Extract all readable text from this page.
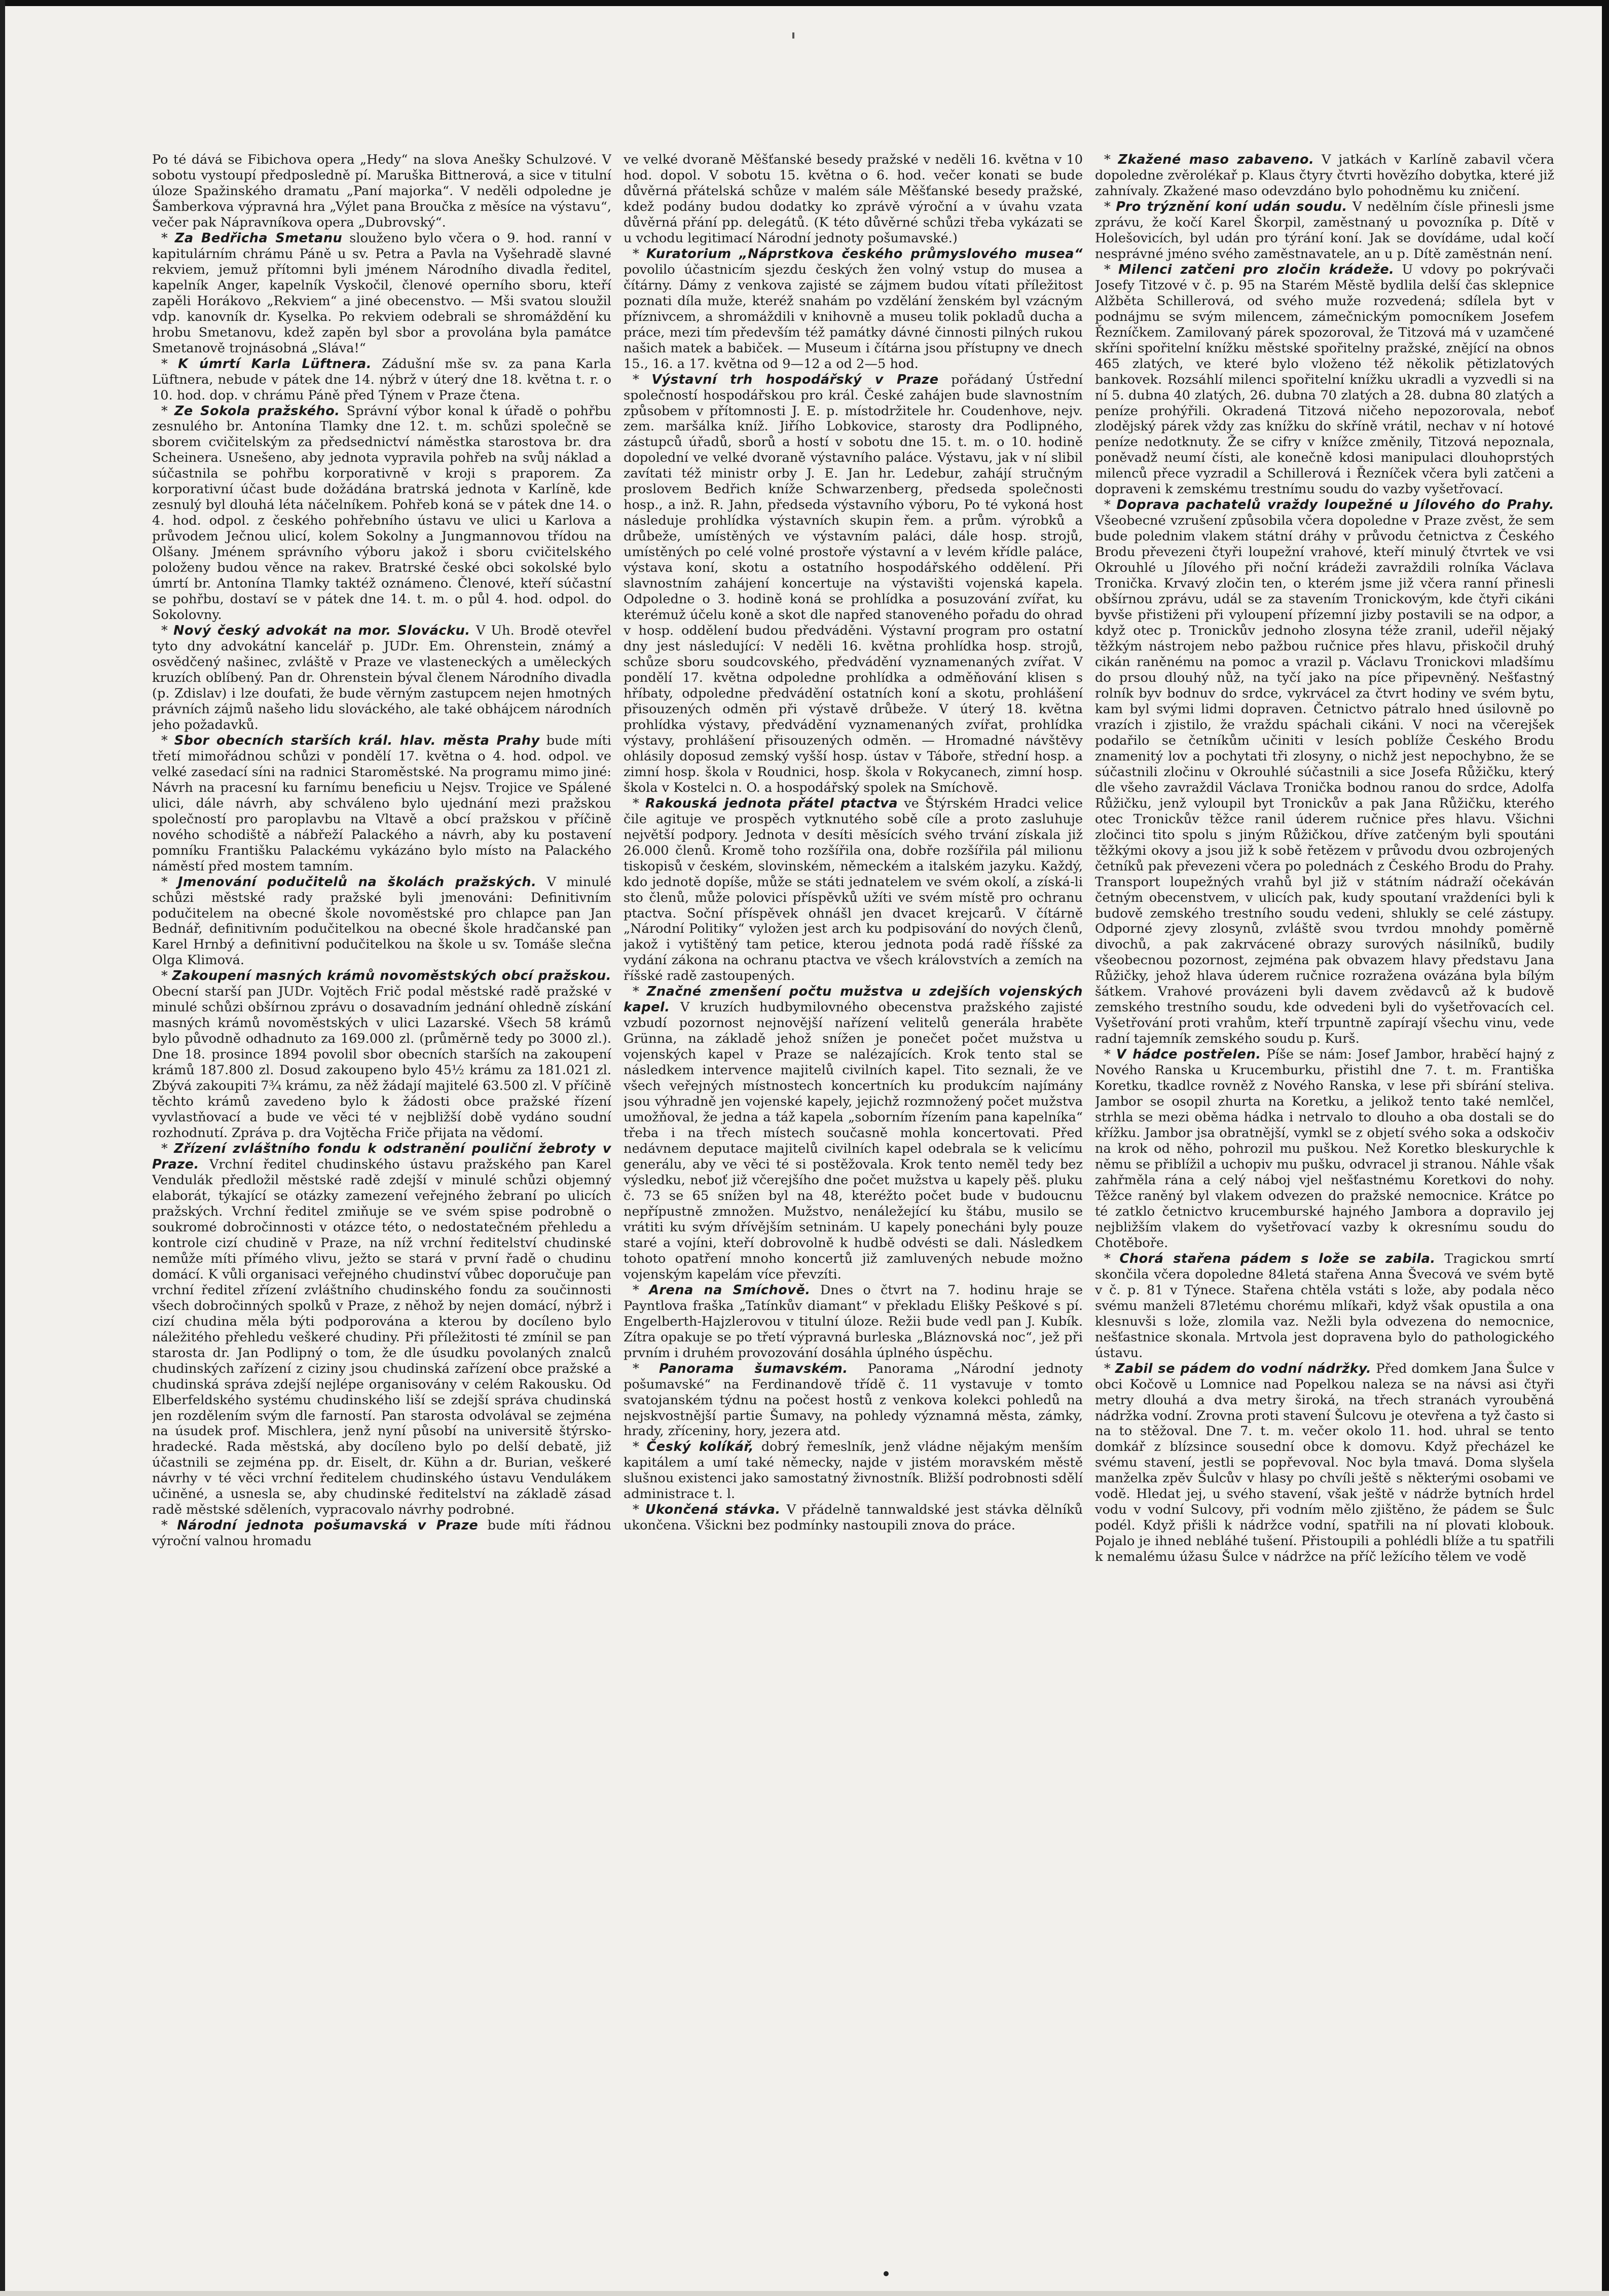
Po té dává se Fibichova opera „Hedy“ na slova Anešky Schulzové. V sobotu vystoupí předposledně pí. Maruška Bittnerová, a sice v titulní úloze Spažinského dramatu „Paní majorka“. V neděli odpoledne je Šamberkova výpravná hra „Výlet pana Broučka z měsíce na výstavu“, večer pak Nápravníkova opera „Dubrovský“.

* Za Bedřicha Smetanu slouženo bylo včera o 9. hod. ranní v kapitulárním chrámu Páně u sv. Petra a Pavla na Vyšehradě slavné rekviem, jemuž přítomni byli jménem Národního divadla ředitel, kapelník Anger, kapelník Vyskočil, členové operního sboru, kteří zapěli Horákovo „Rekviem“ a jiné obecenstvo. — Mši svatou sloužil vdp. kanovník dr. Kyselka. Po rekviem odebrali se shromáždění ku hrobu Smetanovu, kdež zapěn byl sbor a provolána byla památce Smetanově trojnásobná „Sláva!“

* K úmrtí Karla Lüftnera. Zádušní mše sv. za pana Karla Lüftnera, nebude v pátek dne 14. nýbrž v úterý dne 18. května t. r. o 10. hod. dop. v chrámu Páně před Týnem v Praze čtena.

* Ze Sokola pražského. Správní výbor konal k úřadě o pohřbu zesnulého br. Antonína Tlamky dne 12. t. m. schůzi společně se sborem cvičitelským za předsednictví náměstka starostova br. dra Scheinera. Usnešeno, aby jednota vypravila pohřeb na svůj náklad a súčastnila se pohřbu korporativně v kroji s praporem. Za korporativní účast bude dožádána bratrská jednota v Karlíně, kde zesnulý byl dlouhá léta náčelníkem. Pohřeb koná se v pátek dne 14. o 4. hod. odpol. z českého pohřebního ústavu ve ulici u Karlova a průvodem Ječnou ulicí, kolem Sokolny a Jungmannovou třídou na Olšany. Jménem správního výboru jakož i sboru cvičitelského položeny budou věnce na rakev. Bratrské české obci sokolské bylo úmrtí br. Antonína Tlamky taktéž oznámeno. Členové, kteří súčastní se pohřbu, dostaví se v pátek dne 14. t. m. o půl 4. hod. odpol. do Sokolovny.

* Nový český advokát na mor. Slovácku. V Uh. Brodě otevřel tyto dny advokátní kancelář p. JUDr. Em. Ohrenstein, známý a osvědčený našinec, zvláště v Praze ve vlasteneckých a uměleckých kruzích oblíbený. Pan dr. Ohrenstein býval členem Národního divadla (p. Zdislav) i lze doufati, že bude věrným zastupcem nejen hmotných právních zájmů našeho lidu slováckého, ale také obhájcem národních jeho požadavků.

* Sbor obecních starších král. hlav. města Prahy bude míti třetí mimořádnou schůzi v pondělí 17. května o 4. hod. odpol. ve velké zasedací síni na radnici Staroměstské. Na programu mimo jiné: Návrh na pracesní ku farnímu beneficiu u Nejsv. Trojice ve Spálené ulici, dále návrh, aby schváleno bylo ujednání mezi pražskou společností pro paroplavbu na Vltavě a obcí pražskou v příčině nového schodiště a nábřeží Palackého a návrh, aby ku postavení pomníku Františku Palackému vykázáno bylo místo na Palackého náměstí před mostem tamním.

* Jmenování podučitelů na školách pražských. V minulé schůzi městské rady pražské byli jmenováni: Definitivním podučitelem na obecné škole novoměstské pro chlapce pan Jan Bednář, definitivním podučitelkou na obecné škole hradčanské pan Karel Hrnbý a definitivní podučitelkou na škole u sv. Tomáše slečna Olga Klimová.

* Zakoupení masných krámů novoměstských obcí pražskou. Obecní starší pan JUDr. Vojtěch Frič podal městské radě pražské v minulé schůzi obšírnou zprávu o dosavadním jednání ohledně získání masných krámů novoměstských v ulici Lazarské. Všech 58 krámů bylo původně odhadnuto za 169.000 zl. (průměrně tedy po 3000 zl.). Dne 18. prosince 1894 povolil sbor obecních starších na zakoupení krámů 187.800 zl. Dosud zakoupeno bylo 45½ krámu za 181.021 zl. Zbývá zakoupiti 7¾ krámu, za něž žádají majitelé 63.500 zl. V příčině těchto krámů zavedeno bylo k žádosti obce pražské řízení vyvlastňovací a bude ve věci té v nejbližší době vydáno soudní rozhodnutí. Zpráva p. dra Vojtěcha Friče přijata na vědomí.

* Zřízení zvláštního fondu k odstranění pouliční žebroty v Praze. Vrchní ředitel chudinského ústavu pražského pan Karel Vendulák předložil městské radě zdejší v minulé schůzi objemný elaborát, týkající se otázky zamezení veřejného žebraní po ulicích pražských. Vrchní ředitel zmiňuje se ve svém spise podrobně o soukromé dobročinnosti v otázce této, o nedostatečném přehledu a kontrole cizí chudině v Praze, na níž vrchní ředitelství chudinské nemůže míti přímého vlivu, ježto se stará v první řadě o chudinu domácí. K vůli organisaci veřejného chudinství vůbec doporučuje pan vrchní ředitel zřízení zvláštního chudinského fondu za součinnosti všech dobročinných spolků v Praze, z něhož by nejen domácí, nýbrž i cizí chudina měla býti podporována a kterou by docíleno bylo náležitého přehledu veškeré chudiny. Při příležitosti té zmínil se pan starosta dr. Jan Podlipný o tom, že dle úsudku povolaných znalců chudinských zařízení z ciziny jsou chudinská zařízení obce pražské a chudinská správa zdejší nejlépe organisovány v celém Rakousku. Od Elberfeldského systému chudinského liší se zdejší správa chudinská jen rozdělením svým dle farností. Pan starosta odvolával se zejména na úsudek prof. Mischlera, jenž nyní působí na universitě štýrsko-hradecké. Rada městská, aby docíleno bylo po delší debatě, již účastnili se zejména pp. dr. Eiselt, dr. Kühn a dr. Burian, veškeré návrhy v té věci vrchní ředitelem chudinského ústavu Vendulákem učiněné, a usnesla se, aby chudinské ředitelství na základě zásad radě městské sděleních, vypracovalo návrhy podrobné.

* Národní jednota pošumavská v Praze bude míti řádnou výroční valnou hromadu

ve velké dvoraně Měšťanské besedy pražské v neděli 16. května v 10 hod. dopol. V sobotu 15. května o 6. hod. večer konati se bude důvěrná přátelská schůze v malém sále Měšťanské besedy pražské, kdež podány budou dodatky ko zprávě výroční a v úvahu vzata důvěrná přání pp. delegátů. (K této důvěrné schůzi třeba vykázati se u vchodu legitimací Národní jednoty pošumavské.)

* Kuratorium „Náprstkova českého průmyslového musea“ povolilo účastnicím sjezdu českých žen volný vstup do musea a čítárny. Dámy z venkova zajisté se zájmem budou vítati příležitost poznati díla muže, kteréž snahám po vzdělání ženském byl vzácným příznivcem, a shromáždili v knihovně a museu tolik pokladů ducha a práce, mezi tím především též památky dávné činnosti pilných rukou našich matek a babiček. — Museum i čítárna jsou přístupny ve dnech 15., 16. a 17. května od 9—12 a od 2—5 hod.

* Výstavní trh hospodářský v Praze pořádaný Ústřední společností hospodářskou pro král. České zahájen bude slavnostním způsobem v přítomnosti J. E. p. místodržitele hr. Coudenhove, nejv. zem. maršálka kníž. Jiřího Lobkovice, starosty dra Podlipného, zástupců úřadů, sborů a hostí v sobotu dne 15. t. m. o 10. hodině dopolední ve velké dvoraně výstavního paláce. Výstavu, jak v ní slibil zavítati též ministr orby J. E. Jan hr. Ledebur, zahájí stručným proslovem Bedřich kníže Schwarzenberg, předseda společnosti hosp., a inž. R. Jahn, předseda výstavního výboru, Po té vykoná host následuje prohlídka výstavních skupin řem. a prům. výrobků a drůbeže, umístěných ve výstavním paláci, dále hosp. strojů, umístěných po celé volné prostoře výstavní a v levém křídle paláce, výstava koní, skotu a ostatního hospodářského oddělení. Při slavnostním zahájení koncertuje na výstavišti vojenská kapela. Odpoledne o 3. hodině koná se prohlídka a posuzování zvířat, ku kterémuž účelu koně a skot dle napřed stanoveného pořadu do ohrad v hosp. oddělení budou předváděni. Výstavní program pro ostatní dny jest následující: V neděli 16. května prohlídka hosp. strojů, schůze sboru soudcovského, předvádění vyznamenaných zvířat. V pondělí 17. května odpoledne prohlídka a odměňování klisen s hříbaty, odpoledne předvádění ostatních koní a skotu, prohlášení přisouzených odměn při výstavě drůbeže. V úterý 18. května prohlídka výstavy, předvádění vyznamenaných zvířat, prohlídka výstavy, prohlášení přisouzených odměn. — Hromadné návštěvy ohlásily doposud zemský vyšší hosp. ústav v Táboře, střední hosp. a zimní hosp. škola v Roudnici, hosp. škola v Rokycanech, zimní hosp. škola v Kostelci n. O. a hospodářský spolek na Smíchově.

* Rakouská jednota přátel ptactva ve Štýrském Hradci velice čile agituje ve prospěch vytknutého sobě cíle a proto zasluhuje největší podpory. Jednota v desíti měsících svého trvání získala již 26.000 členů. Kromě toho rozšířila ona, dobře rozšířila pál milionu tiskopisů v českém, slovinském, německém a italském jazyku. Každý, kdo jednotě dopíše, může se státi jednatelem ve svém okolí, a získá-li sto členů, může polovici příspěvků užíti ve svém místě pro ochranu ptactva. Soční příspěvek ohnášl jen dvacet krejcarů. V čítárně „Národní Politiky“ vyložen jest arch ku podpisování do nových členů, jakož i vytištěný tam petice, kterou jednota podá radě říšské za vydání zákona na ochranu ptactva ve všech královstvích a zemích na říšské radě zastoupených.

* Značné zmenšení počtu mužstva u zdejších vojenských kapel. V kruzích hudbymilovného obecenstva pražského zajisté vzbudí pozornost nejnovější nařízení velitelů generála hraběte Grünna, na základě jehož snížen je ponečet počet mužstva u vojenských kapel v Praze se nalézajících. Krok tento stal se následkem intervence majitelů civilních kapel. Tito seznali, že ve všech veřejných místnostech koncertních ku produkcím najímány jsou výhradně jen vojenské kapely, jejichž rozmnožený počet mužstva umožňoval, že jedna a táž kapela „soborním řízením pana kapelníka“ třeba i na třech místech současně mohla koncertovati. Před nedávnem deputace majitelů civilních kapel odebrala se k velicímu generálu, aby ve věci té si postěžovala. Krok tento neměl tedy bez výsledku, neboť již včerejšího dne počet mužstva u kapely pěš. pluku č. 73 se 65 snížen byl na 48, kteréžto počet bude v budoucnu nepřípustně zmnožen. Mužstvo, nenáležející ku štábu, musilo se vrátiti ku svým dřívějším setninám. U kapely ponecháni byly pouze staré a vojíni, kteří dobrovolně k hudbě odvésti se dali. Následkem tohoto opatření mnoho koncertů již zamluvených nebude možno vojenským kapelám více převzíti.

* Arena na Smíchově. Dnes o čtvrt na 7. hodinu hraje se Payntlova fraška „Tatínkův diamant“ v překladu Elišky Peškové s pí. Engelberth-Hajzlerovou v titulní úloze. Režii bude vedl pan J. Kubík. Zítra opakuje se po třetí výpravná burleska „Bláznovská noc“, jež při prvním i druhém provozování dosáhla úplného úspěchu.

* Panorama šumavském. Panorama „Národní jednoty pošumavské“ na Ferdinandově třídě č. 11 vystavuje v tomto svatojanském týdnu na počest hostů z venkova kolekci pohledů na nejskvostnější partie Šumavy, na pohledy významná města, zámky, hrady, zříceniny, hory, jezera atd.

* Český kolíkář, dobrý řemeslník, jenž vládne nějakým menším kapitálem a umí také německy, najde v jistém moravském městě slušnou existenci jako samostatný živnostník. Bližší podrobnosti sdělí administrace t. l.

* Ukončená stávka. V přádelně tannwaldské jest stávka dělníků ukončena. Všickni bez podmínky nastoupili znova do práce.

* Zkažené maso zabaveno. V jatkách v Karlíně zabavil včera dopoledne zvěrolékař p. Klaus čtyry čtvrti hovězího dobytka, které již zahnívaly. Zkažené maso odevzdáno bylo pohodněmu ku zničení.

* Pro trýznění koní udán soudu. V nedělním čísle přinesli jsme zprávu, že kočí Karel Škorpil, zaměstnaný u povozníka p. Dítě v Holešovicích, byl udán pro týrání koní. Jak se dovídáme, udal kočí nesprávné jméno svého zaměstnavatele, an u p. Dítě zaměstnán není.

* Milenci zatčeni pro zločin krádeže. U vdovy po pokrývači Josefy Titzové v č. p. 95 na Starém Městě bydlila delší čas sklepnice Alžběta Schillerová, od svého muže rozvedená; sdílela byt v podnájmu se svým milencem, zámečnickým pomocníkem Josefem Řezníčkem. Zamilovaný párek spozoroval, že Titzová má v uzamčené skříni spořitelní knížku městské spořitelny pražské, znějící na obnos 465 zlatých, ve které bylo vloženo též několik pětizlatových bankovek. Rozsáhlí milenci spořitelní knížku ukradli a vyzvedli si na ní 5. dubna 40 zlatých, 26. dubna 70 zlatých a 28. dubna 80 zlatých a peníze prohýřili. Okradená Titzová ničeho nepozorovala, neboť zlodějský párek vždy zas knížku do skříně vrátil, nechav v ní hotové peníze nedotknuty. Že se cifry v knížce změnily, Titzová nepoznala, poněvadž neumí čísti, ale konečně kdosi manipulaci dlouhoprstých milenců přece vyzradil a Schillerová i Řezníček včera byli zatčeni a dopraveni k zemskému trestnímu soudu do vazby vyšetřovací.

* Doprava pachatelů vraždy loupežné u Jílového do Prahy. Všeobecné vzrušení způsobila včera dopoledne v Praze zvěst, že sem bude polednim vlakem státní dráhy v průvodu četnictva z Českého Brodu převezeni čtyři loupežní vrahové, kteří minulý čtvrtek ve vsi Okrouhlé u Jílového při noční krádeži zavraždili rolníka Václava Tronička. Krvavý zločin ten, o kterém jsme již včera ranní přinesli obšírnou zprávu, udál se za stavením Tronickovým, kde čtyři cikáni byvše přistiženi při vyloupení přízemní jizby postavili se na odpor, a když otec p. Tronickův jednoho zlosyna téže zranil, udeřil nějaký těžkým nástrojem nebo pažbou ručnice přes hlavu, přiskočil druhý cikán raněnému na pomoc a vrazil p. Václavu Tronickovi mladšímu do prsou dlouhý nůž, na tyčí jako na píce připevněný. Nešťastný rolník byv bodnuv do srdce, vykrvácel za čtvrt hodiny ve svém bytu, kam byl svými lidmi dopraven. Četnictvo pátralo hned úsilovně po vrazích i zjistilo, že vraždu spáchali cikáni. V noci na včerejšek podařilo se četníkům učiniti v lesích poblíže Českého Brodu znamenitý lov a pochytati tři zlosyny, o nichž jest nepochybno, že se súčastnili zločinu v Okrouhlé súčastnili a sice Josefa Růžičku, který dle všeho zavraždil Václava Tronička bodnou ranou do srdce, Adolfa Růžičku, jenž vyloupil byt Tronickův a pak Jana Růžičku, kterého otec Tronickův těžce ranil úderem ručnice přes hlavu. Všichni zločinci tito spolu s jiným Růžičkou, dříve zatčeným byli spoutáni těžkými okovy a jsou již k sobě řetězem v průvodu dvou ozbrojených četníků pak převezeni včera po polednách z Českého Brodu do Prahy. Transport loupežných vrahů byl již v státním nádraží očekáván četným obecenstvem, v ulicích pak, kudy spoutaní vraždeníci byli k budově zemského trestního soudu vedeni, shlukly se celé zástupy. Odporné zjevy zlosynů, zvláště svou tvrdou mnohdy poměrně divochů, a pak zakrvácené obrazy surových násilníků, budily všeobecnou pozornost, zejména pak obvazem hlavy představu Jana Růžičky, jehož hlava úderem ručnice rozražena ovázána byla bílým šátkem. Vrahové provázeni byli davem zvědavců až k budově zemského trestního soudu, kde odvedeni byli do vyšetřovacích cel. Vyšetřování proti vrahům, kteří trpuntně zapírají všechu vinu, vede radní tajemník zemského soudu p. Kurš.

* V hádce postřelen. Píše se nám: Josef Jambor, hraběcí hajný z Nového Ranska u Krucemburku, přistihl dne 7. t. m. Františka Koretku, tkadlce rovněž z Nového Ranska, v lese při sbírání steliva. Jambor se osopil zhurta na Koretku, a jelikož tento také nemlčel, strhla se mezi oběma hádka i netrvalo to dlouho a oba dostali se do křížku. Jambor jsa obratnější, vymkl se z objetí svého soka a odskočiv na krok od něho, pohrozil mu puškou. Než Koretko bleskurychle k němu se přiblížil a uchopiv mu pušku, odvracel ji stranou. Náhle však zahřměla rána a celý náboj vjel nešťastnému Koretkovi do nohy. Těžce raněný byl vlakem odvezen do pražské nemocnice. Krátce po té zatklo četnictvo krucemburské hajného Jambora a dopravilo jej nejbližším vlakem do vyšetřovací vazby k okresnímu soudu do Chotěboře.

* Chorá stařena pádem s lože se zabila. Tragickou smrtí skončila včera dopoledne 84letá stařena Anna Švecová ve svém bytě v č. p. 81 v Týnece. Stařena chtěla vstáti s lože, aby podala něco svému manželi 87letému chorému mlíkaři, když však opustila a ona klesnuvši s lože, zlomila vaz. Nežli byla odvezena do nemocnice, nešťastnice skonala. Mrtvola jest dopravena bylo do pathologického ústavu.

* Zabil se pádem do vodní nádržky. Před domkem Jana Šulce v obci Kočově u Lomnice nad Popelkou naleza se na návsi asi čtyři metry dlouhá a dva metry široká, na třech stranách vyrouběná nádržka vodní. Zrovna proti stavení Šulcovu je otevřena a tyž často si na to stěžoval. Dne 7. t. m. večer okolo 11. hod. uhral se tento domkář z blízsince sousední obce k domovu. Když přecházel ke svému stavení, jestli se popřevoval. Noc byla tmavá. Doma slyšela manželka zpěv Šulcův v hlasy po chvíli ještě s některými osobami ve vodě. Hledat jej, u svého stavení, však ještě v nádrže bytních hrdel vodu v vodní Sulcovy, při vodním mělo zjištěno, že pádem se Šulc podél. Když přišli k nádržce vodní, spatřili na ní plovati klobouk. Pojalo je ihned nebláhé tušení. Přistoupili a pohlédli blíže a tu spatřili k nemalému úžasu Šulce v nádržce na příč ležícího tělem ve vodě
